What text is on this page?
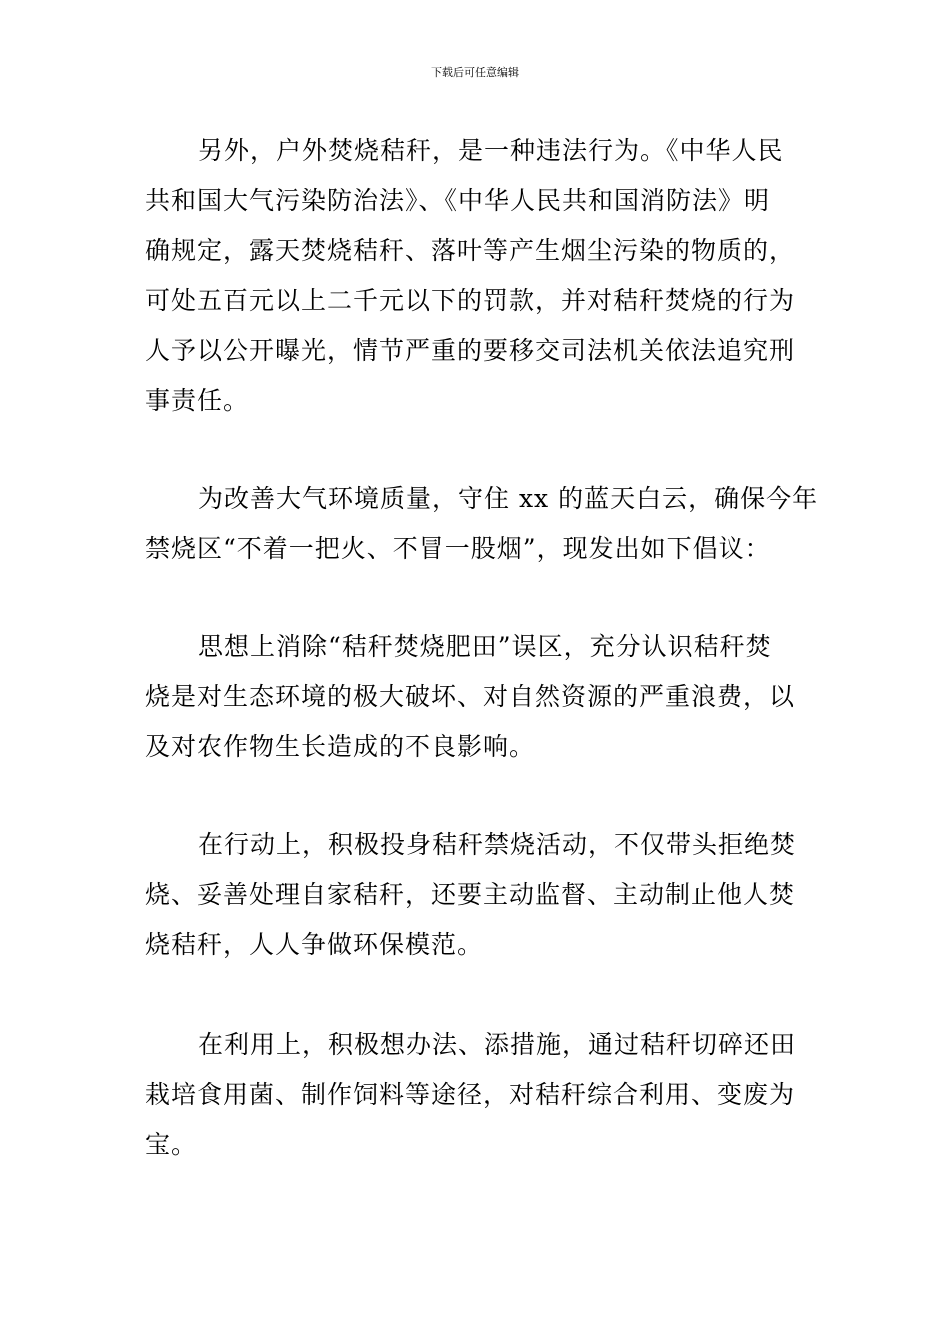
下载后可任意编辑
另外，户外焚烧秸秆，是一种违法行为。《中华人民
共和国大气污染防治法》、《中华人民共和国消防法》明
确规定，露天焚烧秸秆、落叶等产生烟尘污染的物质的，
可处五百元以上二千元以下的罚款，并对秸秆焚烧的行为
人予以公开曝光，情节严重的要移交司法机关依法追究刑
事责任。
为改善大气环境质量，守住 xx 的蓝天白云，确保今年
禁烧区“不着一把火、不冒一股烟”，现发出如下倡议：
思想上消除“秸秆焚烧肥田”误区，充分认识秸秆焚
烧是对生态环境的极大破坏、对自然资源的严重浪费，以
及对农作物生长造成的不良影响。
在行动上，积极投身秸秆禁烧活动，不仅带头拒绝焚
烧、妥善处理自家秸秆，还要主动监督、主动制止他人焚
烧秸秆，人人争做环保模范。
在利用上，积极想办法、添措施，通过秸秆切碎还田
栽培食用菌、制作饲料等途径，对秸秆综合利用、变废为
宝。
